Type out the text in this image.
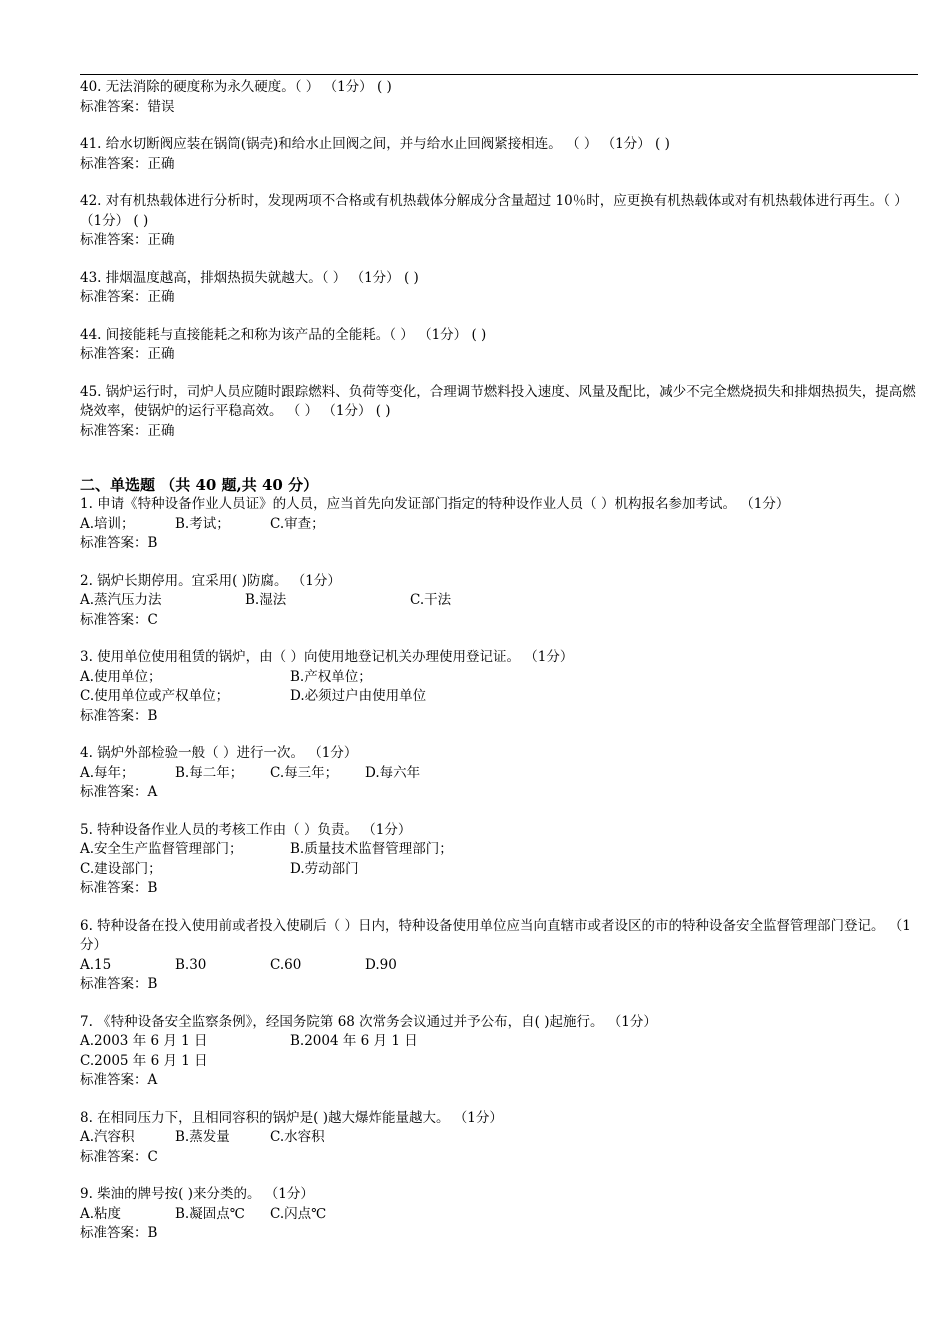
40. 无法消除的硬度称为永久硬度。（ ） （1分） ( )
标准答案：错误
41. 给水切断阀应装在锅筒(锅壳)和给水止回阀之间，并与给水止回阀紧接相连。 （ ） （1分） ( )
标准答案：正确
42. 对有机热载体进行分析时，发现两项不合格或有机热载体分解成分含量超过 10％时，应更换有机热载体或对有机热载体进行再生。（ ） （1分） ( )
标准答案：正确
43. 排烟温度越高，排烟热损失就越大。（ ） （1分） ( )
标准答案：正确
44. 间接能耗与直接能耗之和称为该产品的全能耗。（ ） （1分） ( )
标准答案：正确
45. 锅炉运行时，司炉人员应随时跟踪燃料、负荷等变化，合理调节燃料投入速度、风量及配比，减少不完全燃烧损失和排烟热损失，提高燃烧效率，使锅炉的运行平稳高效。 （ ） （1分） ( )
标准答案：正确
二、单选题 （共 40 题,共 40 分）
1. 申请《特种设备作业人员证》的人员，应当首先向发证部门指定的特种设作业人员（ ）机构报名参加考试。 （1分）
A.培训；	B.考试；	C.审查；
标准答案：B
2. 锅炉长期停用。宜采用( )防腐。 （1分）
A.蒸汽压力法	B.湿法	C.干法
标准答案：C
3. 使用单位使用租赁的锅炉，由（ ）向使用地登记机关办理使用登记证。 （1分）
A.使用单位；	B.产权单位；
C.使用单位或产权单位；	D.必须过户由使用单位
标准答案：B
4. 锅炉外部检验一般（ ）进行一次。 （1分）
A.每年；	B.每二年； C.每三年； D.每六年
标准答案：A
5. 特种设备作业人员的考核工作由（ ）负责。 （1分）
A.安全生产监督管理部门；	B.质量技术监督管理部门；
C.建设部门；	D.劳动部门
标准答案：B
6. 特种设备在投入使用前或者投入使刷后（ ）日内，特种设备使用单位应当向直辖市或者设区的市的特种设备安全监督管理部门登记。 （1分）
A.15	B.30	C.60	D.90
标准答案：B
7. 《特种设备安全监察条例》，经国务院第 68 次常务会议通过并予公布，自( )起施行。 （1分）
A.2003 年 6 月 1 日	B.2004 年 6 月 1 日
C.2005 年 6 月 1 日
标准答案：A
8. 在相同压力下，且相同容积的锅炉是( )越大爆炸能量越大。 （1分）
A.汽容积	B.蒸发量	C.水容积
标准答案：C
9. 柴油的牌号按( )来分类的。 （1分）
A.粘度	B.凝固点℃ C.闪点℃
标准答案：B
